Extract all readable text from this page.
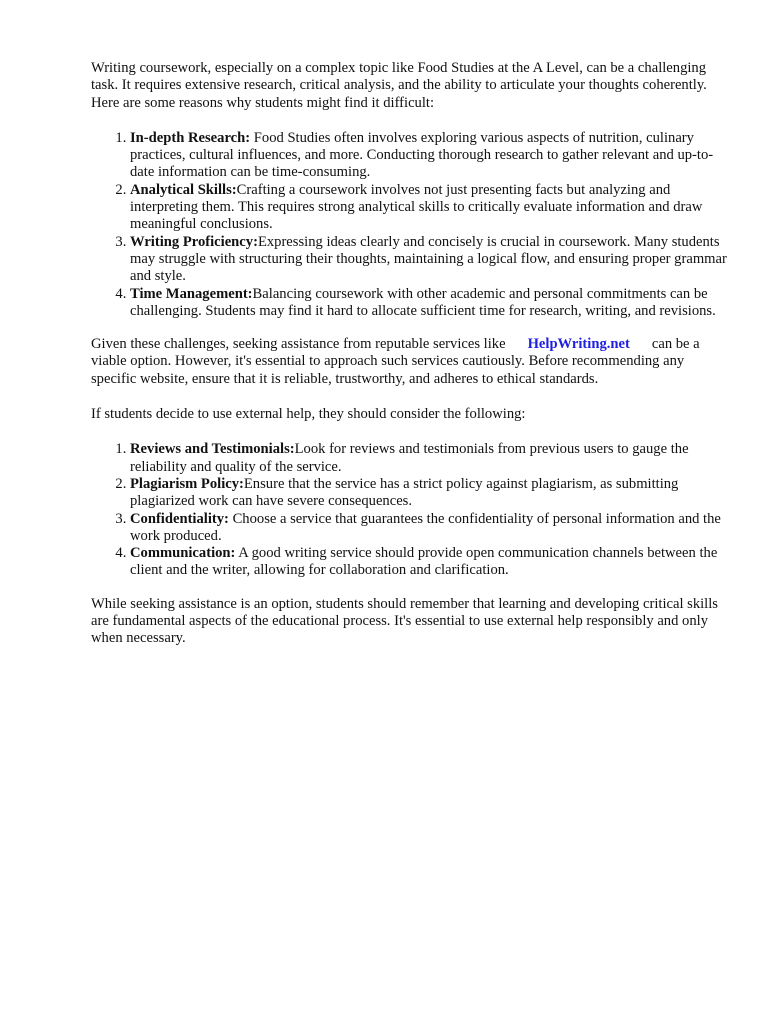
Writing coursework, especially on a complex topic like Food Studies at the A Level, can be a challenging task. It requires extensive research, critical analysis, and the ability to articulate your thoughts coherently. Here are some reasons why students might find it difficult:

1. In-depth Research: Food Studies often involves exploring various aspects of nutrition, culinary practices, cultural influences, and more. Conducting thorough research to gather relevant and up-to-date information can be time-consuming.
2. Analytical Skills:Crafting a coursework involves not just presenting facts but analyzing and interpreting them. This requires strong analytical skills to critically evaluate information and draw meaningful conclusions.
3. Writing Proficiency:Expressing ideas clearly and concisely is crucial in coursework. Many students may struggle with structuring their thoughts, maintaining a logical flow, and ensuring proper grammar and style.
4. Time Management:Balancing coursework with other academic and personal commitments can be challenging. Students may find it hard to allocate sufficient time for research, writing, and revisions.

Given these challenges, seeking assistance from reputable services like HelpWriting.net can be a viable option. However, it's essential to approach such services cautiously. Before recommending any specific website, ensure that it is reliable, trustworthy, and adheres to ethical standards.

If students decide to use external help, they should consider the following:

1. Reviews and Testimonials:Look for reviews and testimonials from previous users to gauge the reliability and quality of the service.
2. Plagiarism Policy:Ensure that the service has a strict policy against plagiarism, as submitting plagiarized work can have severe consequences.
3. Confidentiality: Choose a service that guarantees the confidentiality of personal information and the work produced.
4. Communication: A good writing service should provide open communication channels between the client and the writer, allowing for collaboration and clarification.

While seeking assistance is an option, students should remember that learning and developing critical skills are fundamental aspects of the educational process. It's essential to use external help responsibly and only when necessary.
